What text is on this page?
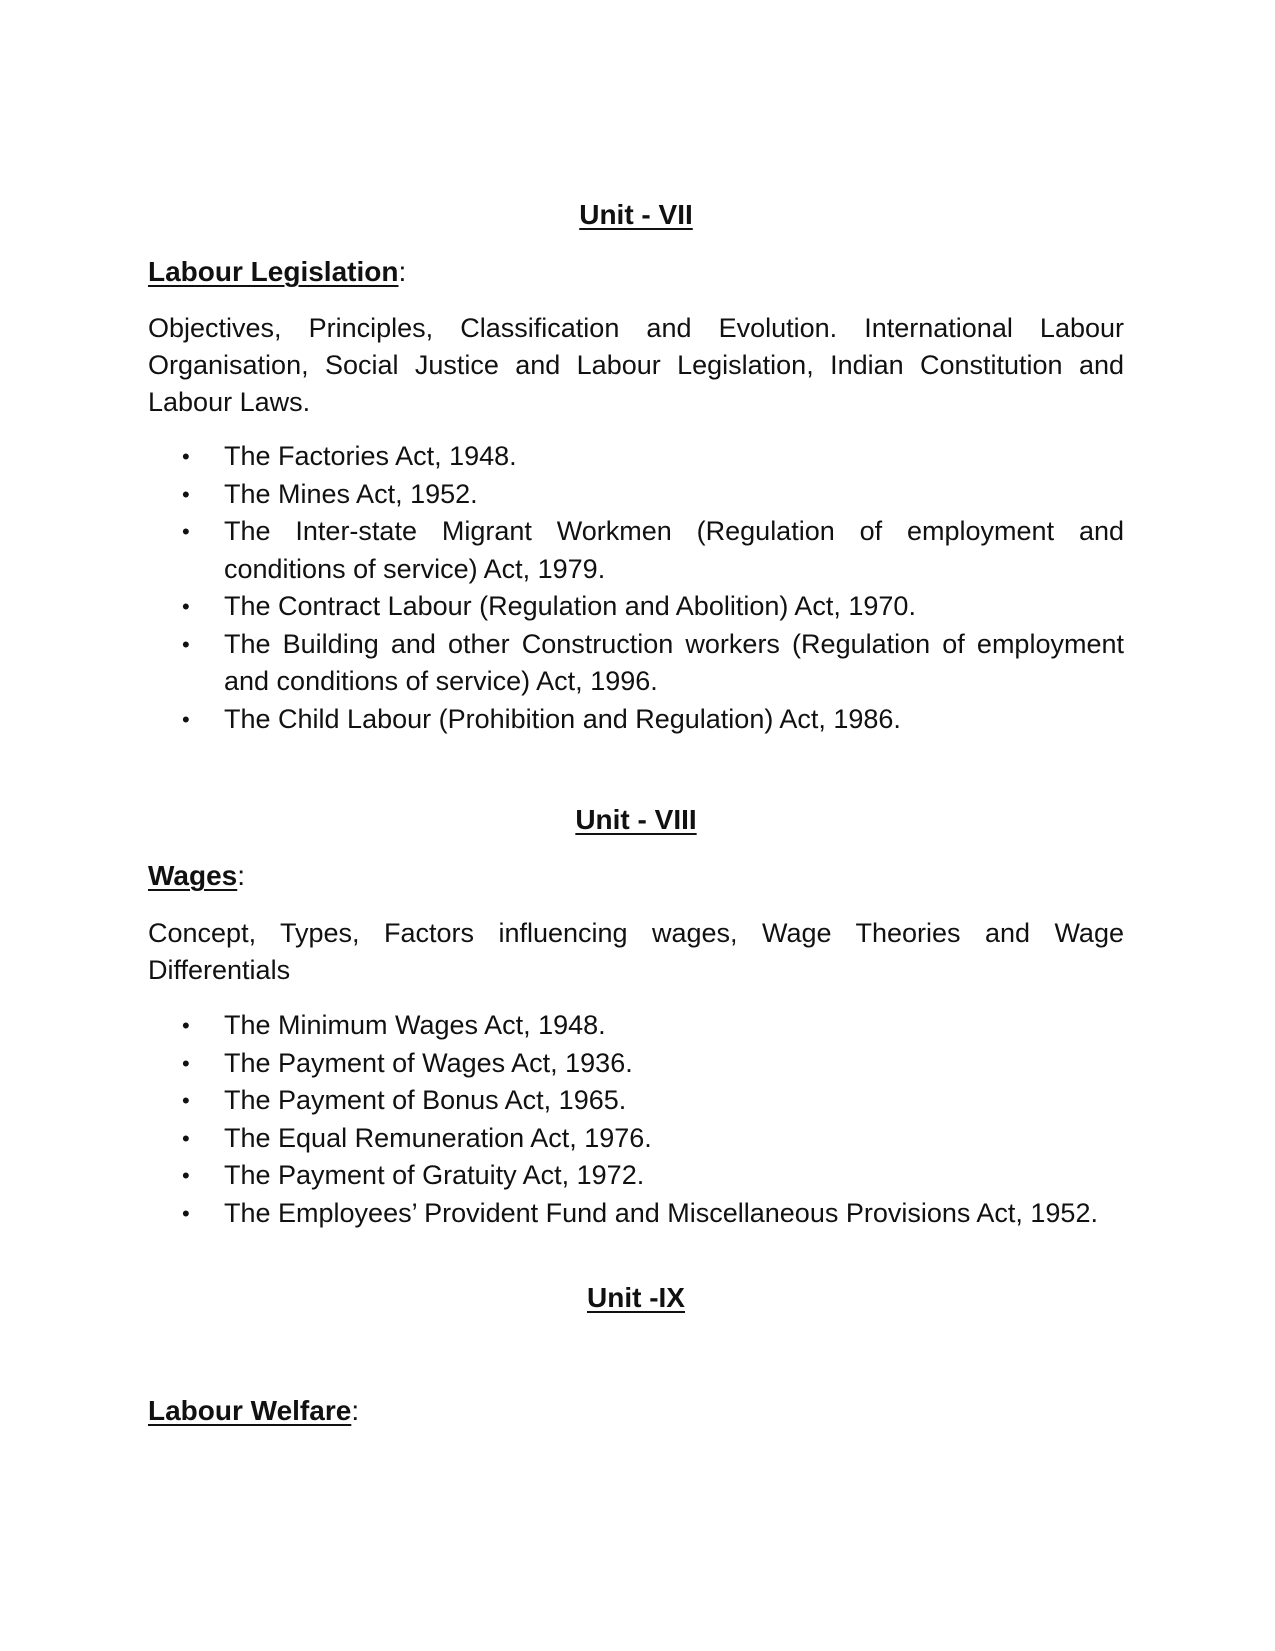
Unit - VII
Labour Legislation:
Objectives, Principles, Classification and Evolution. International Labour Organisation, Social Justice and Labour Legislation, Indian Constitution and Labour Laws.
• The Factories Act, 1948.
• The Mines Act, 1952.
• The Inter-state Migrant Workmen (Regulation of employment and conditions of service) Act, 1979.
• The Contract Labour (Regulation and Abolition) Act, 1970.
• The Building and other Construction workers (Regulation of employment and conditions of service) Act, 1996.
• The Child Labour (Prohibition and Regulation) Act, 1986.
Unit - VIII
Wages:
Concept, Types, Factors influencing wages, Wage Theories and Wage Differentials
• The Minimum Wages Act, 1948.
• The Payment of Wages Act, 1936.
• The Payment of Bonus Act, 1965.
• The Equal Remuneration Act, 1976.
• The Payment of Gratuity Act, 1972.
• The Employees’ Provident Fund and Miscellaneous Provisions Act, 1952.
Unit -IX
Labour Welfare:
